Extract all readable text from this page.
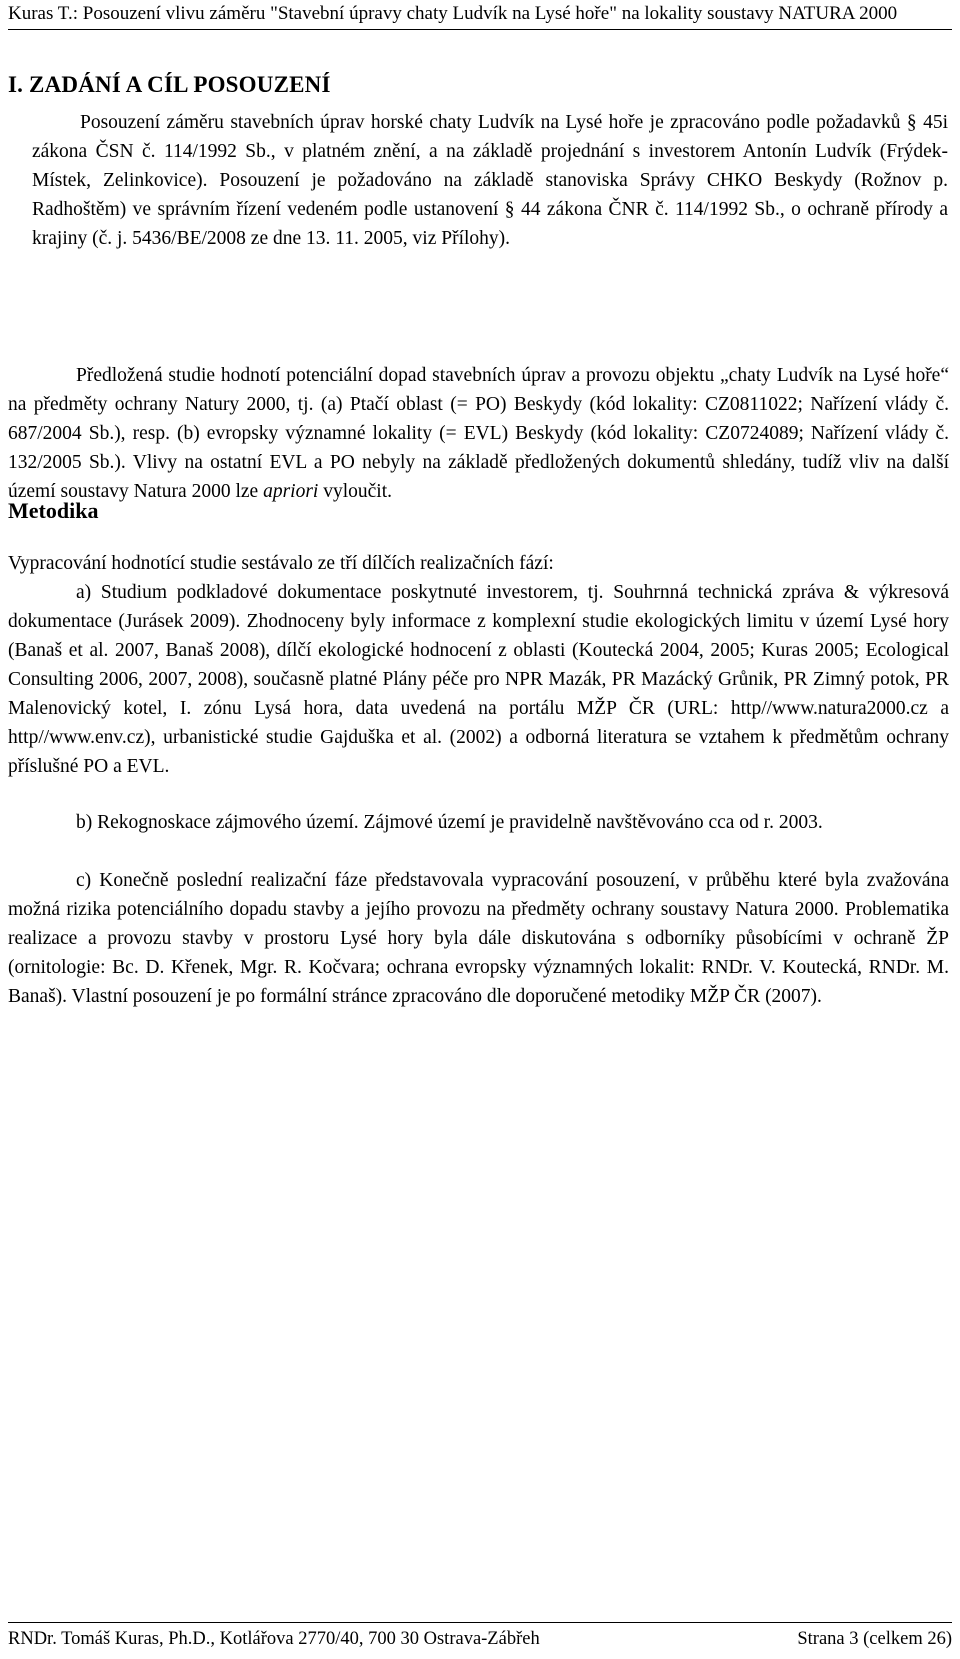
Kuras T.: Posouzení vlivu záměru "Stavební úpravy chaty Ludvík na Lysé hoře" na lokality soustavy NATURA 2000
I. ZADÁNÍ A CÍL POSOUZENÍ

Posouzení záměru stavebních úprav horské chaty Ludvík na Lysé hoře je zpracováno podle požadavků § 45i zákona ČSN č. 114/1992 Sb., v platném znění, a na základě projednání s investorem Antonín Ludvík (Frýdek-Místek, Zelinkovice). Posouzení je požadováno na základě stanoviska Správy CHKO Beskydy (Rožnov p. Radhoštěm) ve správním řízení vedeném podle ustanovení § 44 zákona ČNR č. 114/1992 Sb., o ochraně přírody a krajiny (č. j. 5436/BE/2008 ze dne 13. 11. 2005, viz Přílohy).

Předložená studie hodnotí potenciální dopad stavebních úprav a provozu objektu „chaty Ludvík na Lysé hoře“ na předměty ochrany Natury 2000, tj. (a) Ptačí oblast (= PO) Beskydy (kód lokality: CZ0811022; Nařízení vlády č. 687/2004 Sb.), resp. (b) evropsky významné lokality (= EVL) Beskydy (kód lokality: CZ0724089; Nařízení vlády č. 132/2005 Sb.). Vlivy na ostatní EVL a PO nebyly na základě předložených dokumentů shledány, tudíž vliv na další území soustavy Natura 2000 lze apriori vyloučit.

Metodika

Vypracování hodnotící studie sestávalo ze tří dílčích realizačních fází:

a) Studium podkladové dokumentace poskytnuté investorem, tj. Souhrnná technická zpráva & výkresová dokumentace (Jurásek 2009). Zhodnoceny byly informace z komplexní studie ekologických limitu v území Lysé hory (Banaš et al. 2007, Banaš 2008), dílčí ekologické hodnocení z oblasti (Koutecká 2004, 2005; Kuras 2005; Ecological Consulting 2006, 2007, 2008), současně platné Plány péče pro NPR Mazák, PR Mazácký Grůnik, PR Zimný potok, PR Malenovický kotel, I. zónu Lysá hora, data uvedená na portálu MŽP ČR (URL: http//www.natura2000.cz a http//www.env.cz), urbanistické studie Gajduška et al. (2002) a odborná literatura se vztahem k předmětům ochrany příslušné PO a EVL.

b) Rekognoskace zájmového území. Zájmové území je pravidelně navštěvováno cca od r. 2003.

c) Konečně poslední realizační fáze představovala vypracování posouzení, v průběhu které byla zvažována možná rizika potenciálního dopadu stavby a jejího provozu na předměty ochrany soustavy Natura 2000. Problematika realizace a provozu stavby v prostoru Lysé hory byla dále diskutována s odborníky působícími v ochraně ŽP (ornitologie: Bc. D. Křenek, Mgr. R. Kočvara; ochrana evropsky významných lokalit: RNDr. V. Koutecká, RNDr. M. Banaš). Vlastní posouzení je po formální stránce zpracováno dle doporučené metodiky MŽP ČR (2007).

RNDr. Tomáš Kuras, Ph.D., Kotlářova 2770/40, 700 30 Ostrava-Zábřeh	Strana 3 (celkem 26)
